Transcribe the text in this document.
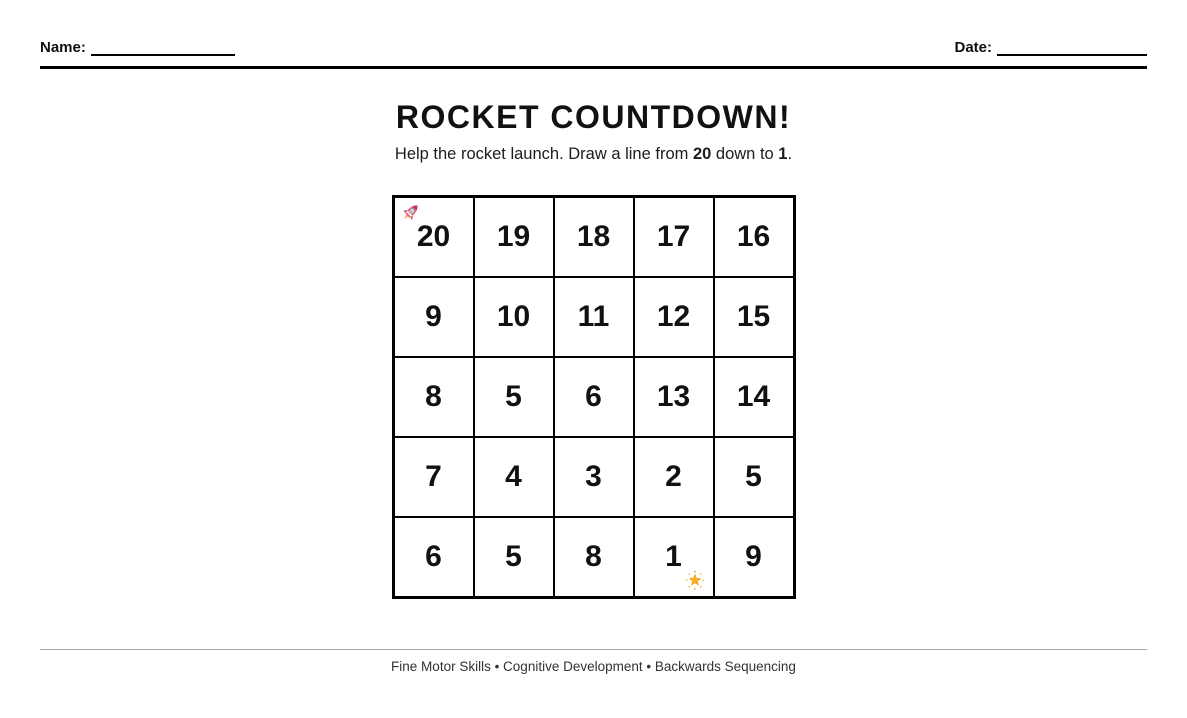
Name:	Date:
ROCKET COUNTDOWN!
Help the rocket launch. Draw a line from 20 down to 1.
20	19	18	17	16

9	10	11	12	15

8	5	6	13	14

7	4	3	2	5

6	5	8	1	9
Fine Motor Skills • Cognitive Development • Backwards Sequencing
